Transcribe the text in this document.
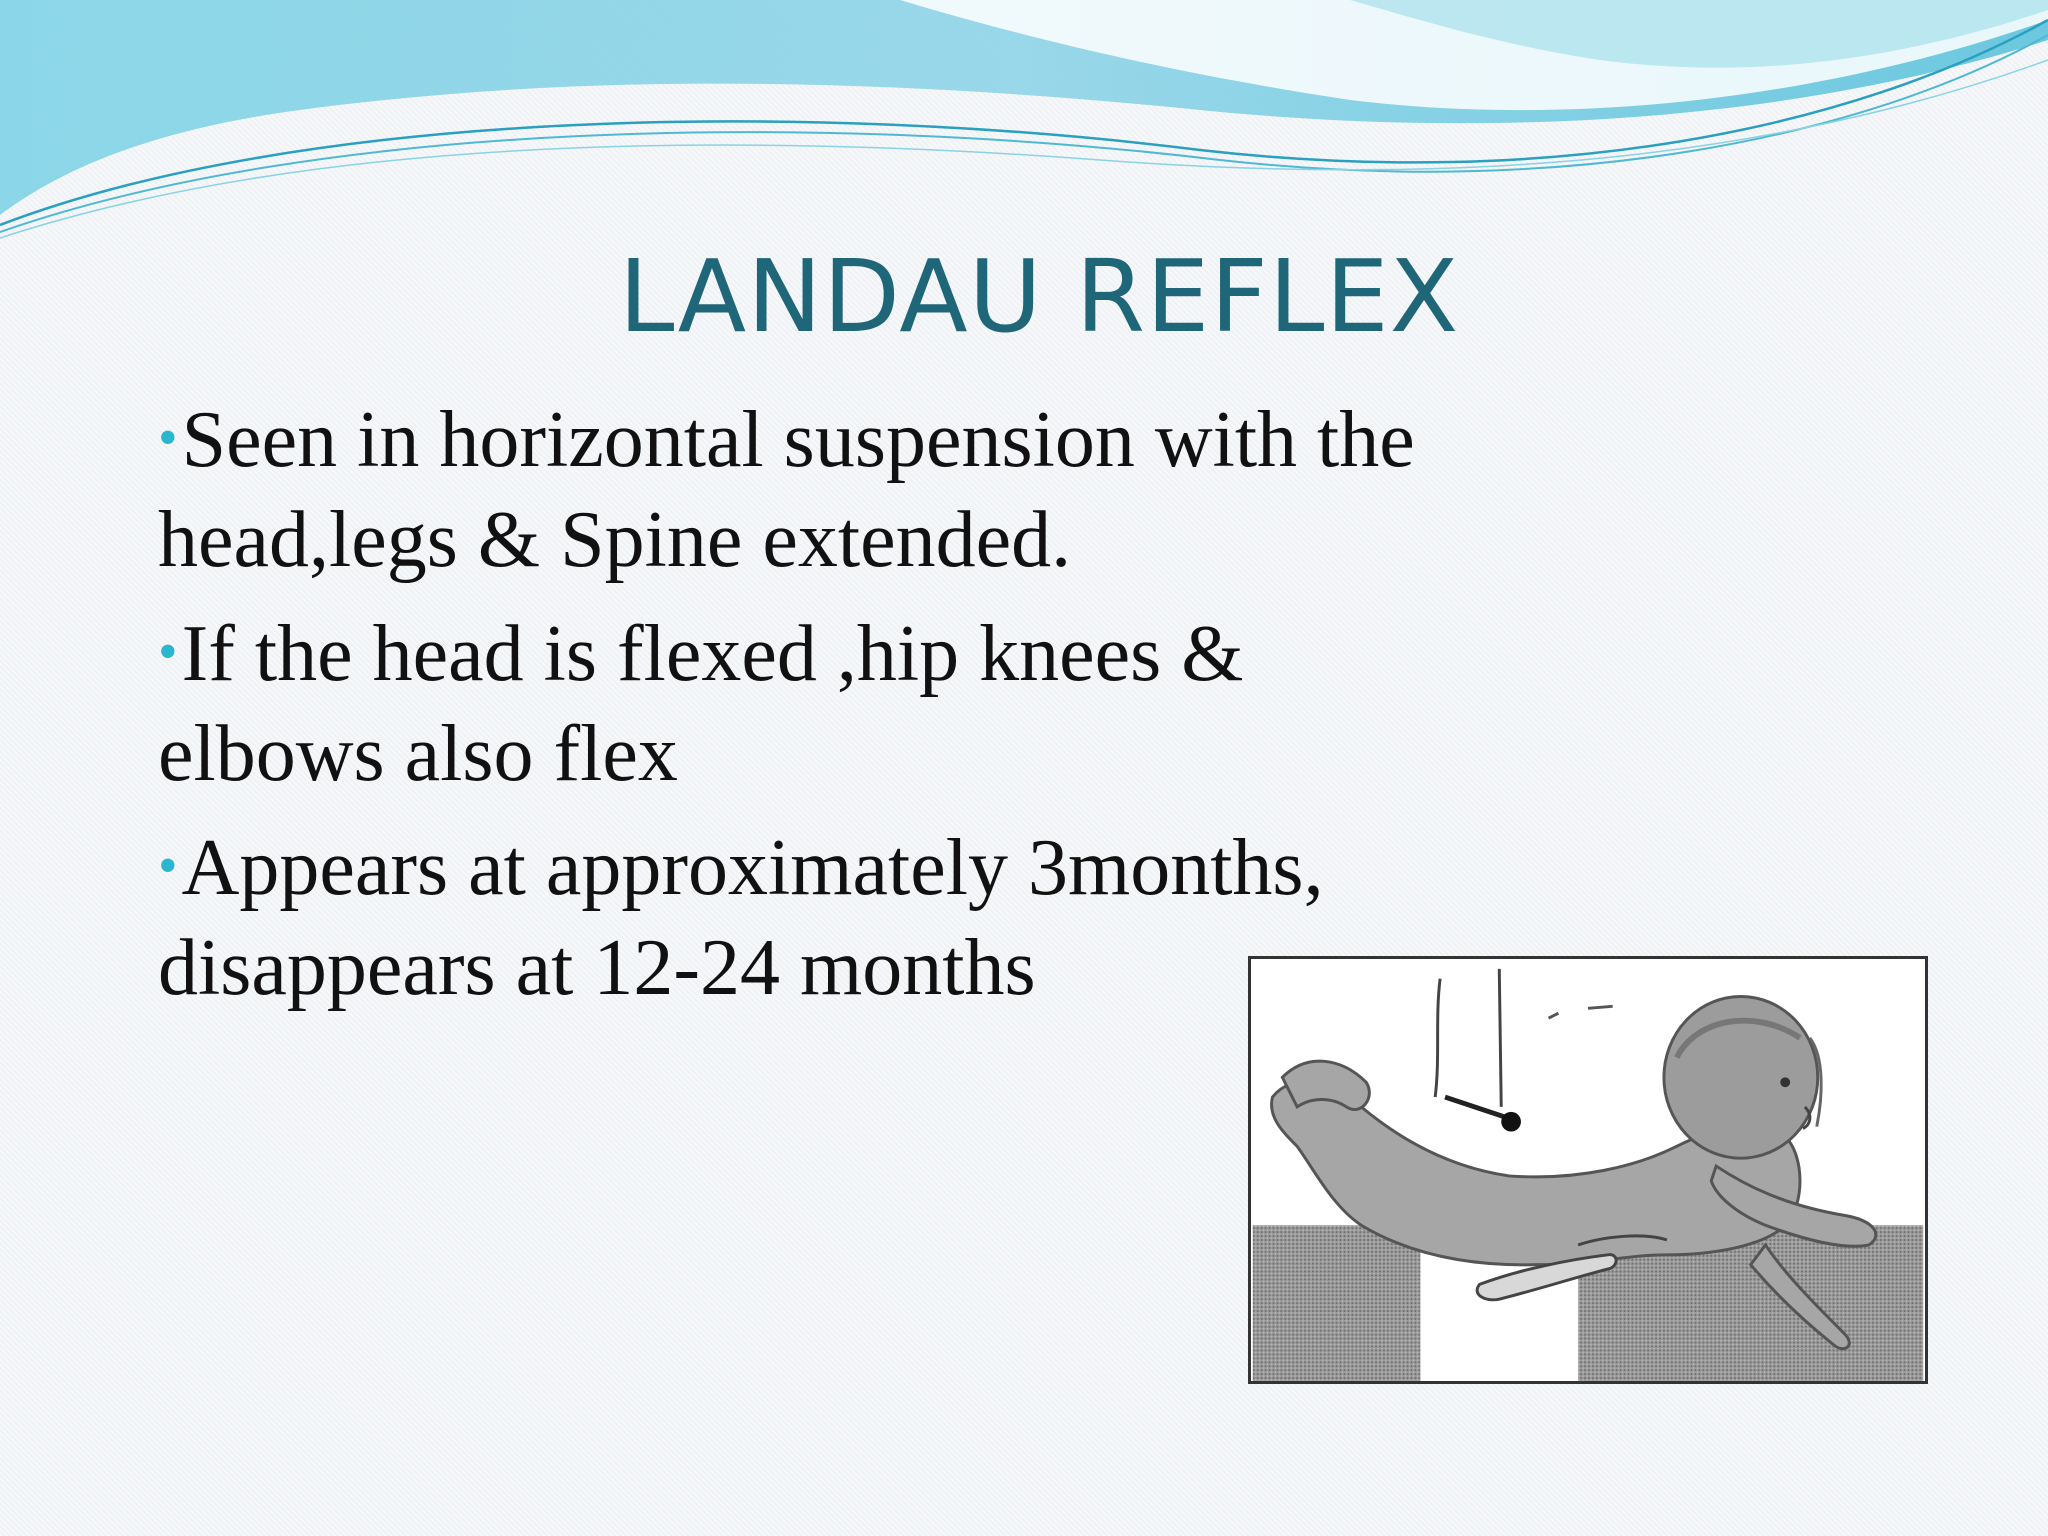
LANDAU REFLEX
•Seen in horizontal suspension with the head,legs & Spine extended.
•If the head is flexed ,hip knees & elbows also flex
•Appears at approximately 3months, disappears at 12-24 months
